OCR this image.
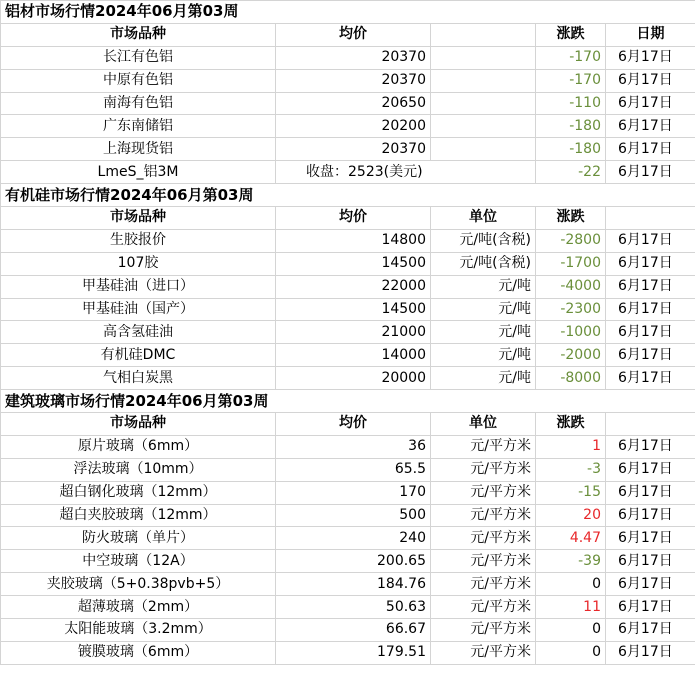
铝材市场行情2024年06月第03周				
市场品种	均价		涨跌	日期
长江有色铝	20370		-170	6月17日
中原有色铝	20370		-170	6月17日
南海有色铝	20650		-110	6月17日
广东南储铝	20200		-180	6月17日
上海现货铝	20370		-180	6月17日
LmeS_铝3M	收盘：2523(美元)		-22	6月17日
有机硅市场行情2024年06月第03周				
市场品种	均价	单位	涨跌	
生胶报价	14800	元/吨(含税)	-2800	6月17日
107胶	14500	元/吨(含税)	-1700	6月17日
甲基硅油（进口）	22000	元/吨	-4000	6月17日
甲基硅油（国产）	14500	元/吨	-2300	6月17日
高含氢硅油	21000	元/吨	-1000	6月17日
有机硅DMC	14000	元/吨	-2000	6月17日
气相白炭黑	20000	元/吨	-8000	6月17日
建筑玻璃市场行情2024年06月第03周				
市场品种	均价	单位	涨跌	
原片玻璃（6mm）	36	元/平方米	1	6月17日
浮法玻璃（10mm）	65.5	元/平方米	-3	6月17日
超白钢化玻璃（12mm）	170	元/平方米	-15	6月17日
超白夹胶玻璃（12mm）	500	元/平方米	20	6月17日
防火玻璃（单片）	240	元/平方米	4.47	6月17日
中空玻璃（12A）	200.65	元/平方米	-39	6月17日
夹胶玻璃（5+0.38pvb+5）	184.76	元/平方米	0	6月17日
超薄玻璃（2mm）	50.63	元/平方米	11	6月17日
太阳能玻璃（3.2mm）	66.67	元/平方米	0	6月17日
镀膜玻璃（6mm）	179.51	元/平方米	0	6月17日
